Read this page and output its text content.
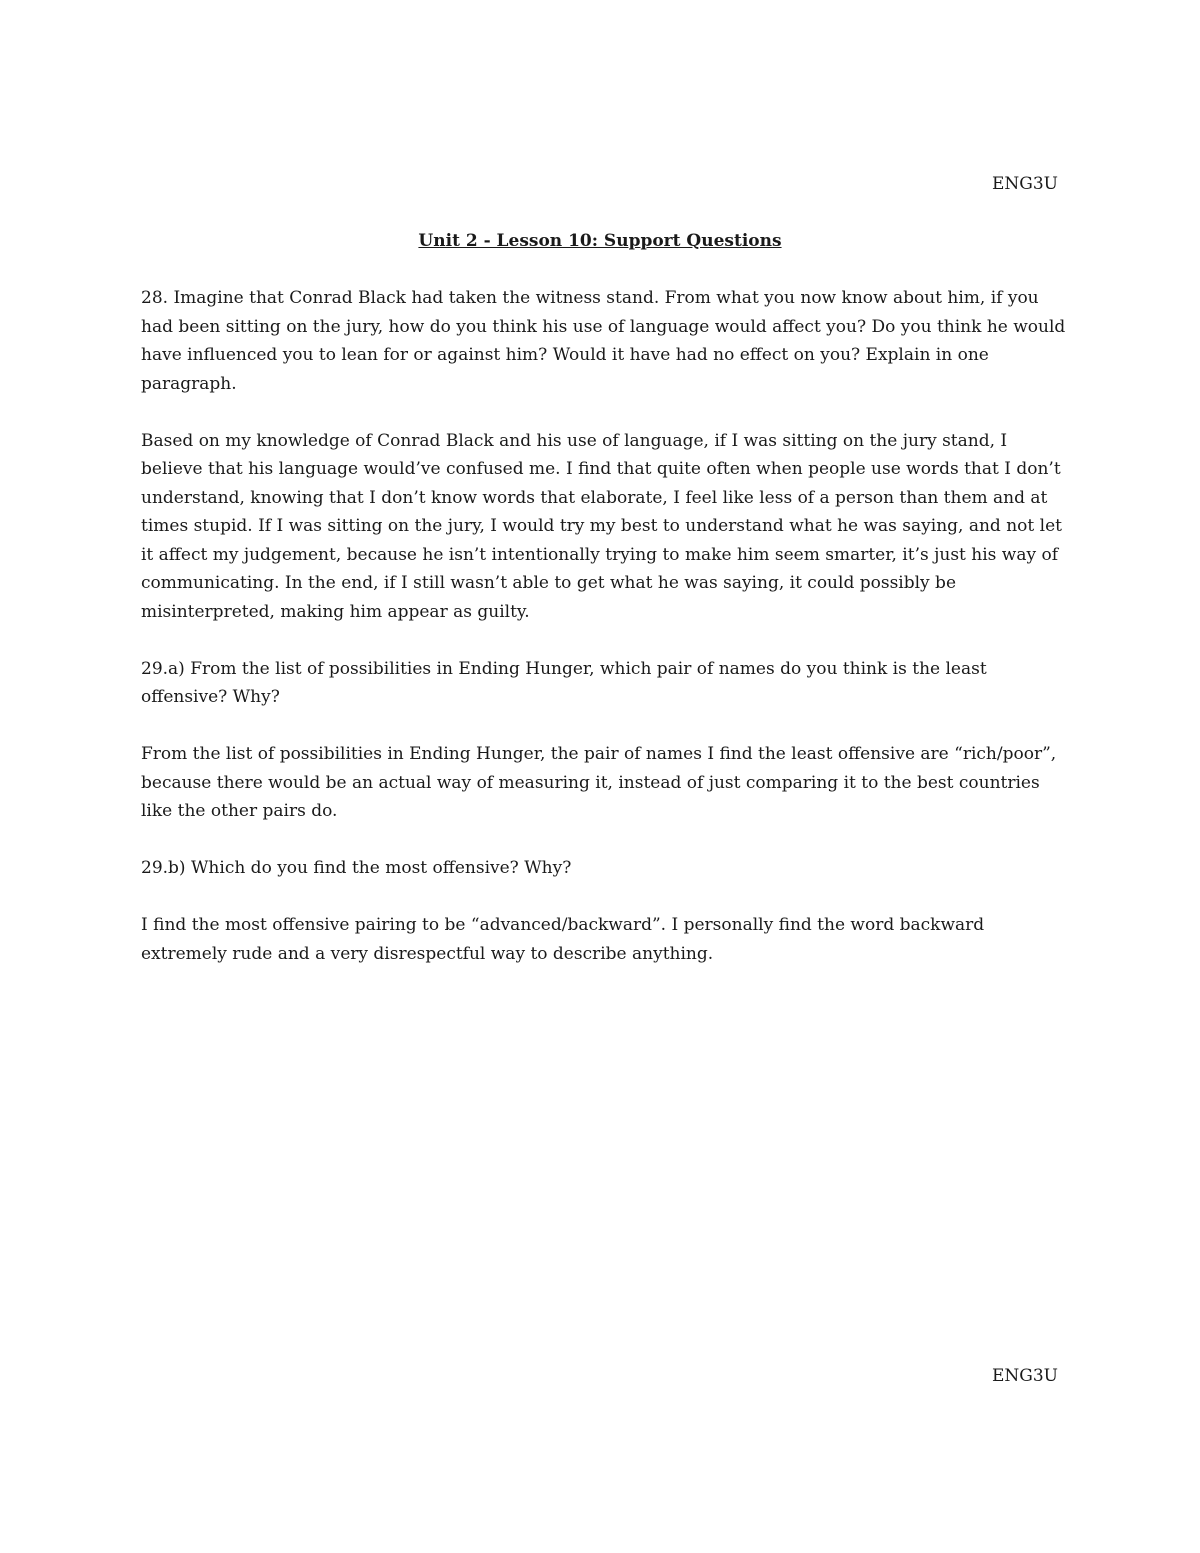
ENG3U
Unit 2 - Lesson 10: Support Questions

28. Imagine that Conrad Black had taken the witness stand. From what you now know about him, if you had been sitting on the jury, how do you think his use of language would affect you? Do you think he would have influenced you to lean for or against him? Would it have had no effect on you? Explain in one paragraph.

Based on my knowledge of Conrad Black and his use of language, if I was sitting on the jury stand, I believe that his language would’ve confused me. I find that quite often when people use words that I don’t understand, knowing that I don’t know words that elaborate, I feel like less of a person than them and at times stupid. If I was sitting on the jury, I would try my best to understand what he was saying, and not let it affect my judgement, because he isn’t intentionally trying to make him seem smarter, it’s just his way of communicating. In the end, if I still wasn’t able to get what he was saying, it could possibly be misinterpreted, making him appear as guilty.

29.a) From the list of possibilities in Ending Hunger, which pair of names do you think is the least offensive? Why?

From the list of possibilities in Ending Hunger, the pair of names I find the least offensive are “rich/poor”, because there would be an actual way of measuring it, instead of just comparing it to the best countries like the other pairs do.

29.b) Which do you find the most offensive? Why?

I find the most offensive pairing to be “advanced/backward”. I personally find the word backward extremely rude and a very disrespectful way to describe anything.

ENG3U
